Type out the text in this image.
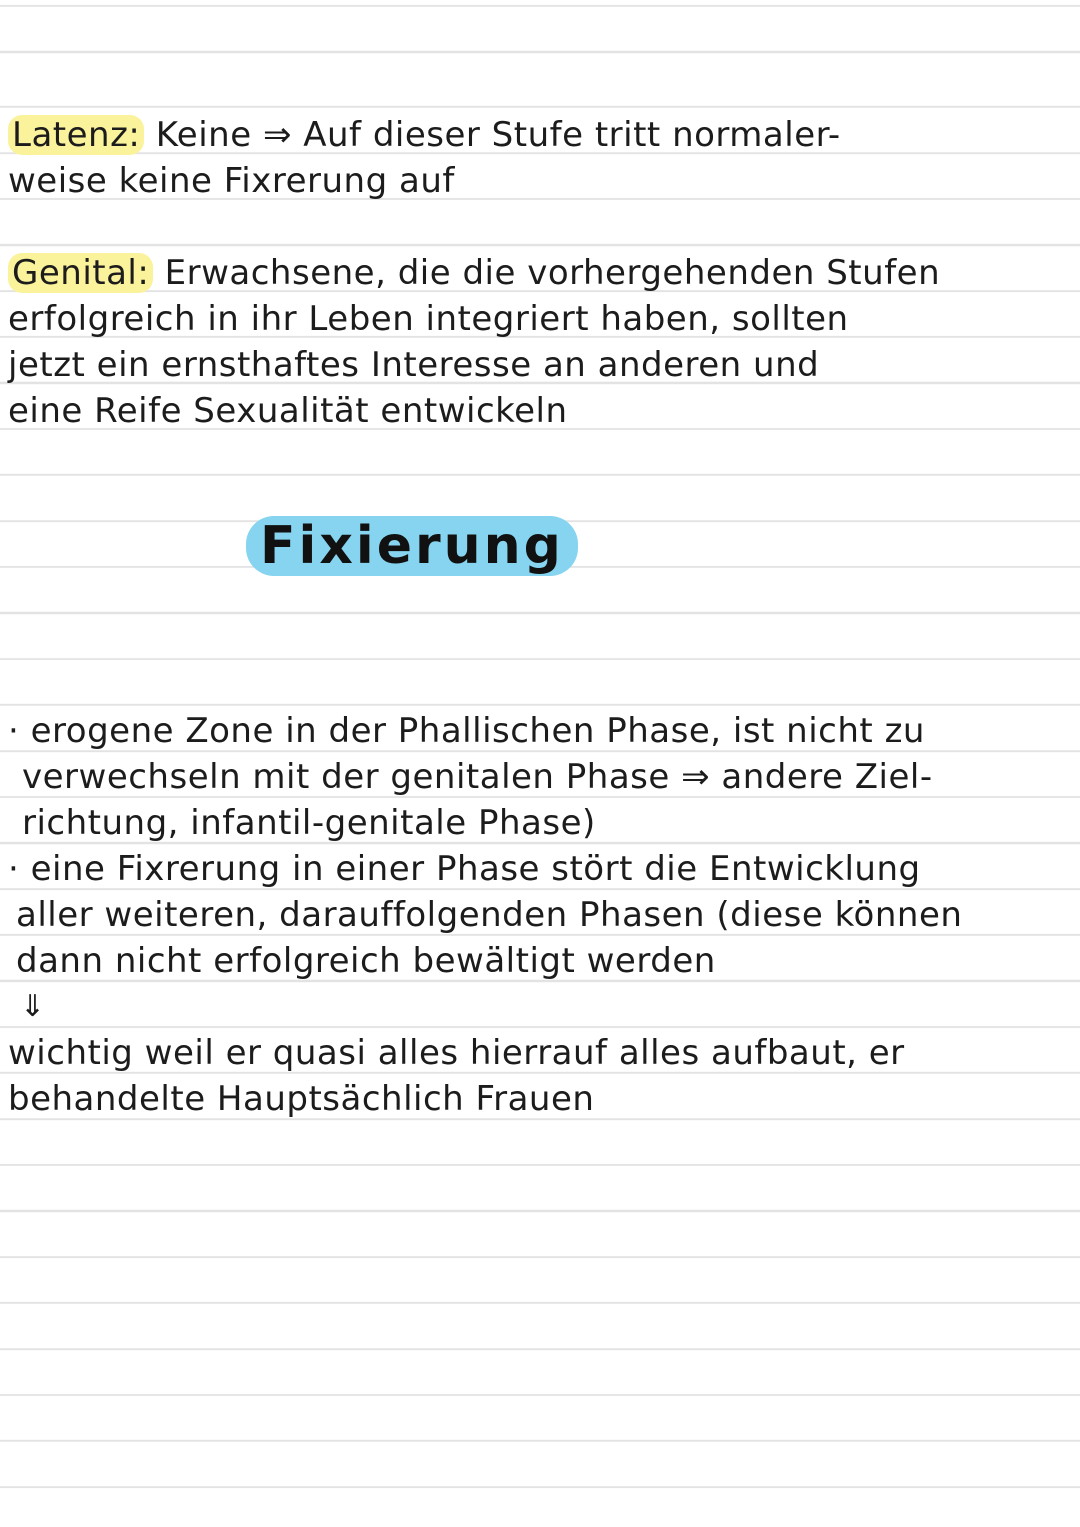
Latenz: Keine ⇒ Auf dieser Stufe tritt normaler-
weise keine Fixrerung auf
Genital: Erwachsene, die die vorhergehenden Stufen
erfolgreich in ihr Leben integriert haben, sollten
jetzt ein ernsthaftes Interesse an anderen und
eine Reife Sexualität entwickeln
Fixierung
· erogene Zone in der Phallischen Phase, ist nicht zu
verwechseln mit der genitalen Phase ⇒ andere Ziel-
richtung, infantil-genitale Phase)
· eine Fixrerung in einer Phase stört die Entwicklung
aller weiteren, darauffolgenden Phasen (diese können
dann nicht erfolgreich bewältigt werden
⇓
wichtig weil er quasi alles hierrauf alles aufbaut, er
behandelte Hauptsächlich Frauen
